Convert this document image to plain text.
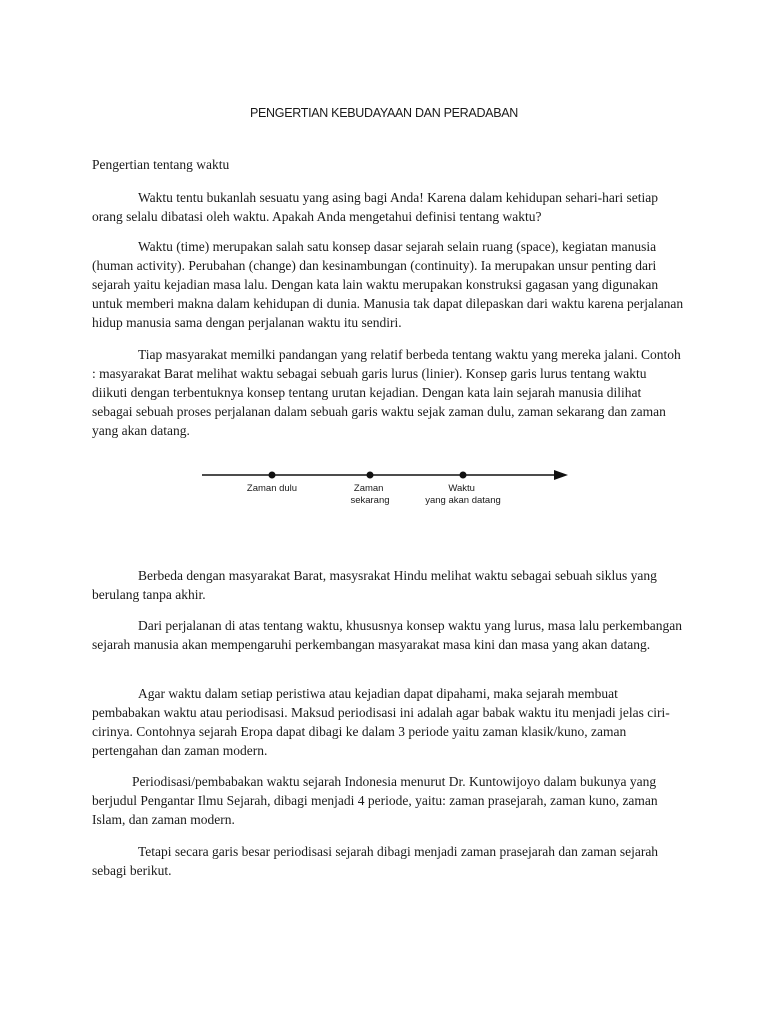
PENGERTIAN KEBUDAYAAN DAN PERADABAN
Pengertian tentang waktu

Waktu tentu bukanlah sesuatu yang asing bagi Anda! Karena dalam kehidupan sehari-hari setiap orang selalu dibatasi oleh waktu. Apakah Anda mengetahui definisi tentang waktu?

Waktu (time) merupakan salah satu konsep dasar sejarah selain ruang (space), kegiatan manusia (human activity). Perubahan (change) dan kesinambungan (continuity). Ia merupakan unsur penting dari sejarah yaitu kejadian masa lalu. Dengan kata lain waktu merupakan konstruksi gagasan yang digunakan untuk memberi makna dalam kehidupan di dunia. Manusia tak dapat dilepaskan dari waktu karena perjalanan hidup manusia sama dengan perjalanan waktu itu sendiri.

Tiap masyarakat memilki pandangan yang relatif berbeda tentang waktu yang mereka jalani. Contoh : masyarakat Barat melihat waktu sebagai sebuah garis lurus (linier). Konsep garis lurus tentang waktu diikuti dengan terbentuknya konsep tentang urutan kejadian. Dengan kata lain sejarah manusia dilihat sebagai sebuah proses perjalanan dalam sebuah garis waktu sejak zaman dulu, zaman sekarang dan zaman yang akan datang.

Zaman dulu	Zaman sekarang
Waktu yang akan datang

Berbeda dengan masyarakat Barat, masysrakat Hindu melihat waktu sebagai sebuah siklus yang berulang tanpa akhir.

Dari perjalanan di atas tentang waktu, khususnya konsep waktu yang lurus, masa lalu perkembangan sejarah manusia akan mempengaruhi perkembangan masyarakat masa kini dan masa yang akan datang.

Agar waktu dalam setiap peristiwa atau kejadian dapat dipahami, maka sejarah membuat pembabakan waktu atau periodisasi. Maksud periodisasi ini adalah agar babak waktu itu menjadi jelas ciri-cirinya. Contohnya sejarah Eropa dapat dibagi ke dalam 3 periode yaitu zaman klasik/kuno, zaman pertengahan dan zaman modern.

Periodisasi/pembabakan waktu sejarah Indonesia menurut Dr. Kuntowijoyo dalam bukunya yang berjudul Pengantar Ilmu Sejarah, dibagi menjadi 4 periode, yaitu: zaman prasejarah, zaman kuno, zaman Islam, dan zaman modern.

Tetapi secara garis besar periodisasi sejarah dibagi menjadi zaman prasejarah dan zaman sejarah sebagi berikut.
